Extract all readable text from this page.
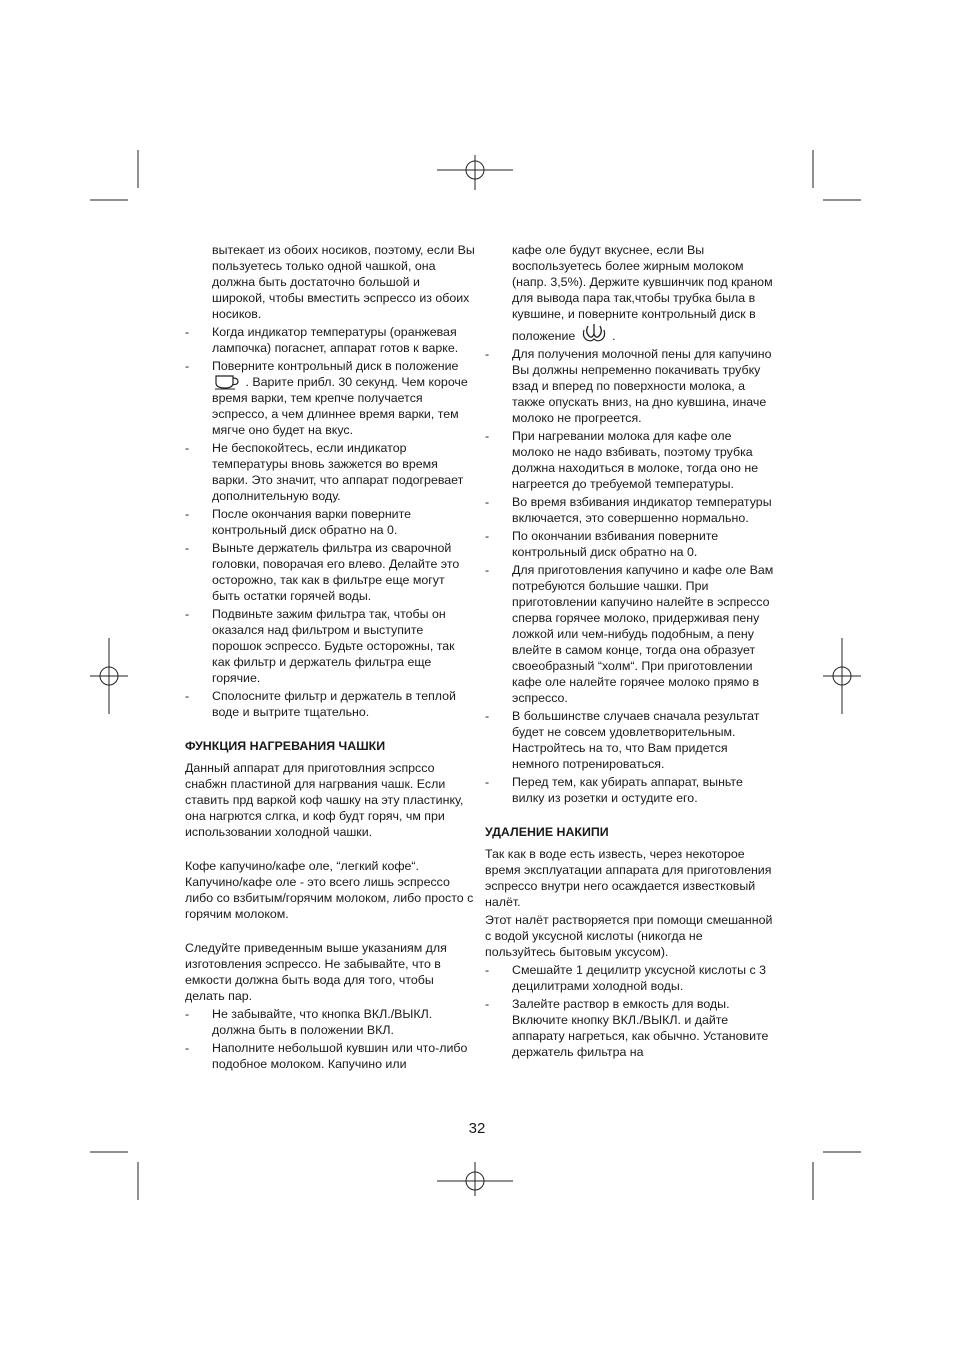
вытекает из обоих носиков, поэтому, если Вы пользуетесь только одной чашкой, она должна быть достаточно большой и широкой, чтобы вместить эспрессо из обоих носиков.
- Когда индикатор температуры (оранжевая лампочка) погаснет, аппарат готов к варке.
- Поверните контрольный диск в положение  . Варите прибл. 30 секунд. Чем короче время варки, тем крепче получается эспрессо, а чем длиннее время варки, тем мягче оно будет на вкус.
- Не беспокойтесь, если индикатор температуры вновь зажжется во время варки. Это значит, что аппарат подогревает дополнительную воду.
- После окончания варки поверните контрольный диск обратно на 0.
- Выньте держатель фильтра из сварочной головки, поворачая его влево. Делайте это осторожно, так как в фильтре еще могут быть остатки горячей воды.
- Подвиньте зажим фильтра так, чтобы он оказался над фильтром и выступите порошок эспрессо. Будьте осторожны, так как фильтр и держатель фильтра еще горячие.
- Сполосните фильтр и держатель в теплой воде и вытрите тщательно.
ФУНКЦИЯ НАГРЕВАНИЯ ЧАШКИ
Данный аппарат для приготовлния эспрссо снабжн пластиной для нагрвания чашк. Если ставить прд варкой коф чашку на эту пластинку, она нагрются слгка, и коф будт горяч, чм при использовании холодной чашки.
Кофе капучино/кафе оле, “легкий кофе“. Капучино/кафе оле - это всего лишь эспрессо либо со взбитым/горячим молоком, либо просто с горячим молоком.
Следуйте приведенным выше указаниям для изготовления эспрессо. Не забывайте, что в емкости должна быть вода для того, чтобы делать пар.
- Не забывайте, что кнопка ВКЛ./ВЫКЛ. должна быть в положении ВКЛ.
- Наполните небольшой кувшин или что-либо подобное молоком. Капучино или
кафе оле будут вкуснее, если Вы воспользуетесь более жирным молоком (напр. 3,5%). Держите кувшинчик под краном для вывода пара так,чтобы трубка была в кувшине, и поверните контрольный диск в положение  .
- Для получения молочной пены для капучино Вы должны непременно покачивать трубку взад и вперед по поверхности молока, а также опускать вниз, на дно кувшина, иначе молоко не прогреется.
- При нагревании молока для кафе оле молоко не надо взбивать, поэтому трубка должна находиться в молоке, тогда оно не нагреется до требуемой температуры.
- Во время взбивания индикатор температуры включается, это совершенно нормально.
- По окончании взбивания поверните контрольный диск обратно на 0.
- Для приготовления капучино и кафе оле Вам потребуются большие чашки. При приготовлении капучино налейте в эспрессо сперва горячее молоко, придерживая пену ложкой или чем-нибудь подобным, а пену влейте в самом конце, тогда она образует своеобразный “холм“. При приготовлении кафе оле налейте горячее молоко прямо в эспрессо.
- В большинстве случаев сначала результат будет не совсем удовлетворительным. Настройтесь на то, что Вам придется немного потренироваться.
- Перед тем, как убирать аппарат, выньте вилку из розетки и остудите его.
УДАЛЕНИЕ НАКИПИ
Так как в воде есть известь, через некоторое время эксплуатации аппарата для приготовления эспрессо внутри него осаждается известковый налёт.
Этот налёт растворяется при помощи смешанной с водой уксусной кислоты (никогда не пользуйтесь бытовым уксусом).
- Смешайте 1 децилитр уксусной кислоты с 3 децилитрами холодной воды.
- Залейте раствор в емкость для воды. Включите кнопку ВКЛ./ВЫКЛ. и дайте аппарату нагреться, как обычно. Установите держатель фильтра на
32
